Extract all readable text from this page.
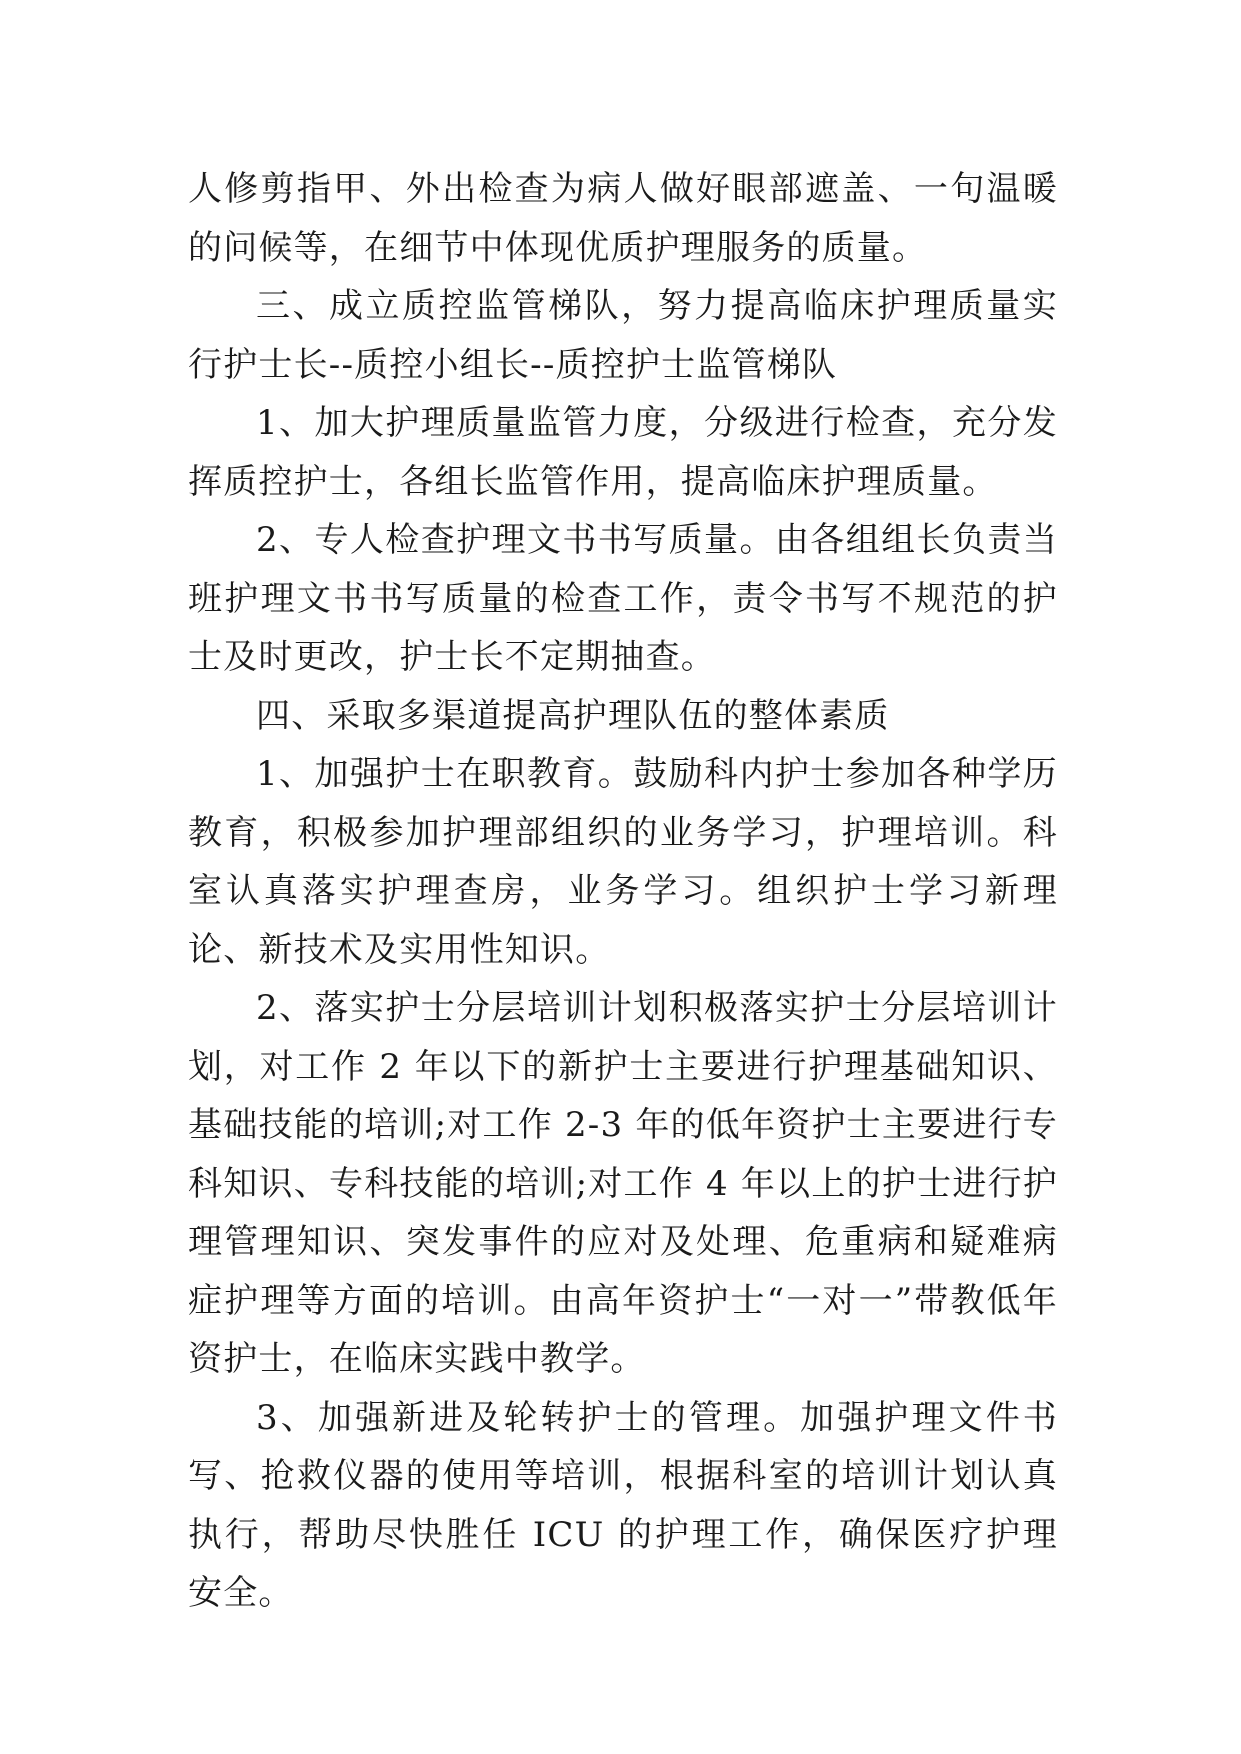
人修剪指甲、外出检查为病人做好眼部遮盖、一句温暖的问候等，在细节中体现优质护理服务的质量。

三、成立质控监管梯队，努力提高临床护理质量实行护士长--质控小组长--质控护士监管梯队

1、加大护理质量监管力度，分级进行检查，充分发挥质控护士，各组长监管作用，提高临床护理质量。

2、专人检查护理文书书写质量。由各组组长负责当班护理文书书写质量的检查工作，责令书写不规范的护士及时更改，护士长不定期抽查。

四、采取多渠道提高护理队伍的整体素质

1、加强护士在职教育。鼓励科内护士参加各种学历教育，积极参加护理部组织的业务学习，护理培训。科室认真落实护理查房，业务学习。组织护士学习新理论、新技术及实用性知识。

2、落实护士分层培训计划积极落实护士分层培训计划，对工作 2 年以下的新护士主要进行护理基础知识、基础技能的培训;对工作 2-3 年的低年资护士主要进行专科知识、专科技能的培训;对工作 4 年以上的护士进行护理管理知识、突发事件的应对及处理、危重病和疑难病症护理等方面的培训。由高年资护士“一对一”带教低年资护士，在临床实践中教学。

3、加强新进及轮转护士的管理。加强护理文件书写、抢救仪器的使用等培训，根据科室的培训计划认真执行，帮助尽快胜任 ICU 的护理工作，确保医疗护理安全。
